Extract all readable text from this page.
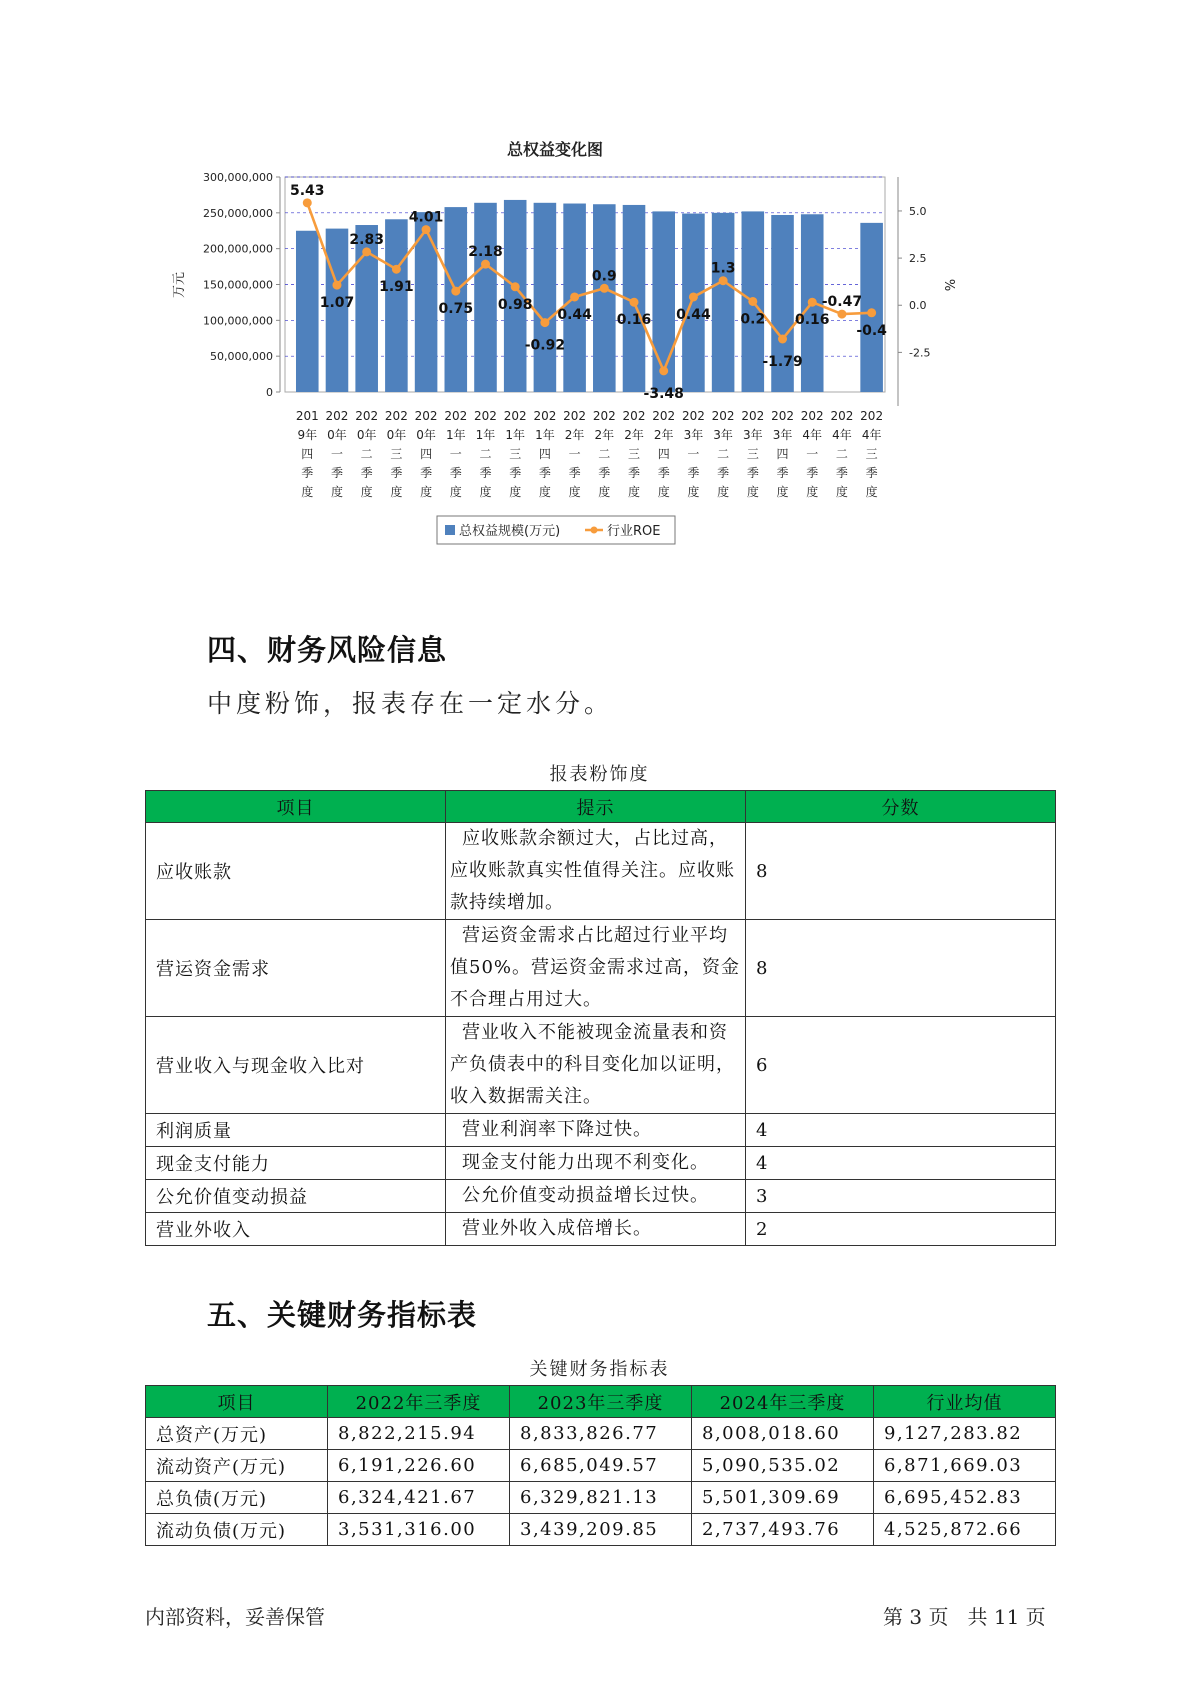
总权益变化图
300,000,000
250,000,000
200,000,000
150,000,000
100,000,000
50,000,000
0
5.0
2.5
0.0
-2.5
5.43
1.07
2.83
1.91
4.01
0.75
2.18
0.98
-0.92
0.44
0.9
0.16
-3.48
0.44
1.3
0.2
-1.79
0.16
-0.47
-0.4
201
9年
四
季
度
202
0年
一
季
度
202
0年
二
季
度
202
0年
三
季
度
202
0年
四
季
度
202
1年
一
季
度
202
1年
二
季
度
202
1年
三
季
度
202
1年
四
季
度
202
2年
一
季
度
202
2年
二
季
度
202
2年
三
季
度
202
2年
四
季
度
202
3年
一
季
度
202
3年
二
季
度
202
3年
三
季
度
202
3年
四
季
度
202
4年
一
季
度
202
4年
二
季
度
202
4年
三
季
度
万元	%
总权益规模(万元)	行业ROE
四、财务风险信息
中度粉饰，报表存在一定水分。
报表粉饰度
项目	提示	分数
应收账款	应收账款余额过大，占比过高，应收账款真实性值得关注。应收账款持续增加。	8
营运资金需求	营运资金需求占比超过行业平均值50%。营运资金需求过高，资金不合理占用过大。	8
营业收入与现金收入比对	营业收入不能被现金流量表和资产负债表中的科目变化加以证明，收入数据需关注。	6
利润质量	营业利润率下降过快。	4
现金支付能力	现金支付能力出现不利变化。	4
公允价值变动损益	公允价值变动损益增长过快。	3
营业外收入	营业外收入成倍增长。	2
五、关键财务指标表
关键财务指标表
项目	2022年三季度	2023年三季度	2024年三季度	行业均值
总资产(万元)	8,822,215.94	8,833,826.77	8,008,018.60	9,127,283.82
流动资产(万元)	6,191,226.60	6,685,049.57	5,090,535.02	6,871,669.03
总负债(万元)	6,324,421.67	6,329,821.13	5,501,309.69	6,695,452.83
流动负债(万元)	3,531,316.00	3,439,209.85	2,737,493.76	4,525,872.66
内部资料，妥善保管	第 3 页   共 11 页
